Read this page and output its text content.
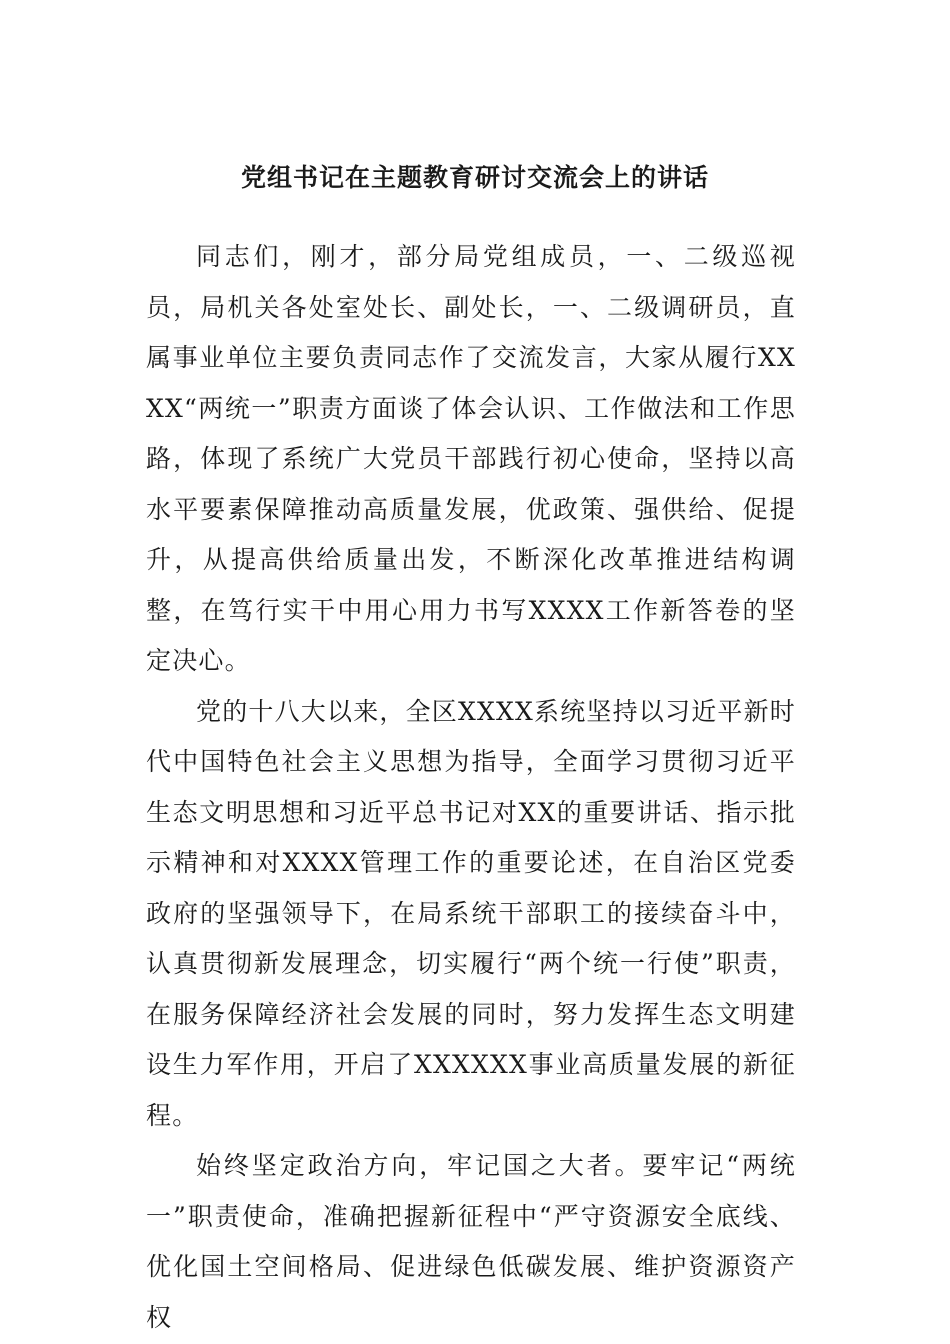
党组书记在主题教育研讨交流会上的讲话

同志们，刚才，部分局党组成员，一、二级巡视员，局机关各处室处长、副处长，一、二级调研员，直属事业单位主要负责同志作了交流发言，大家从履行XXXX“两统一”职责方面谈了体会认识、工作做法和工作思路，体现了系统广大党员干部践行初心使命，坚持以高水平要素保障推动高质量发展，优政策、强供给、促提升，从提高供给质量出发，不断深化改革推进结构调整，在笃行实干中用心用力书写XXXX工作新答卷的坚定决心。

党的十八大以来，全区XXXX系统坚持以习近平新时代中国特色社会主义思想为指导，全面学习贯彻习近平生态文明思想和习近平总书记对XX的重要讲话、指示批示精神和对XXXX管理工作的重要论述，在自治区党委政府的坚强领导下，在局系统干部职工的接续奋斗中，认真贯彻新发展理念，切实履行“两个统一行使”职责，在服务保障经济社会发展的同时，努力发挥生态文明建设生力军作用，开启了XXXXXX事业高质量发展的新征程。

始终坚定政治方向，牢记国之大者。要牢记“两统一”职责使命，准确把握新征程中“严守资源安全底线、优化国土空间格局、促进绿色低碳发展、维护资源资产权
